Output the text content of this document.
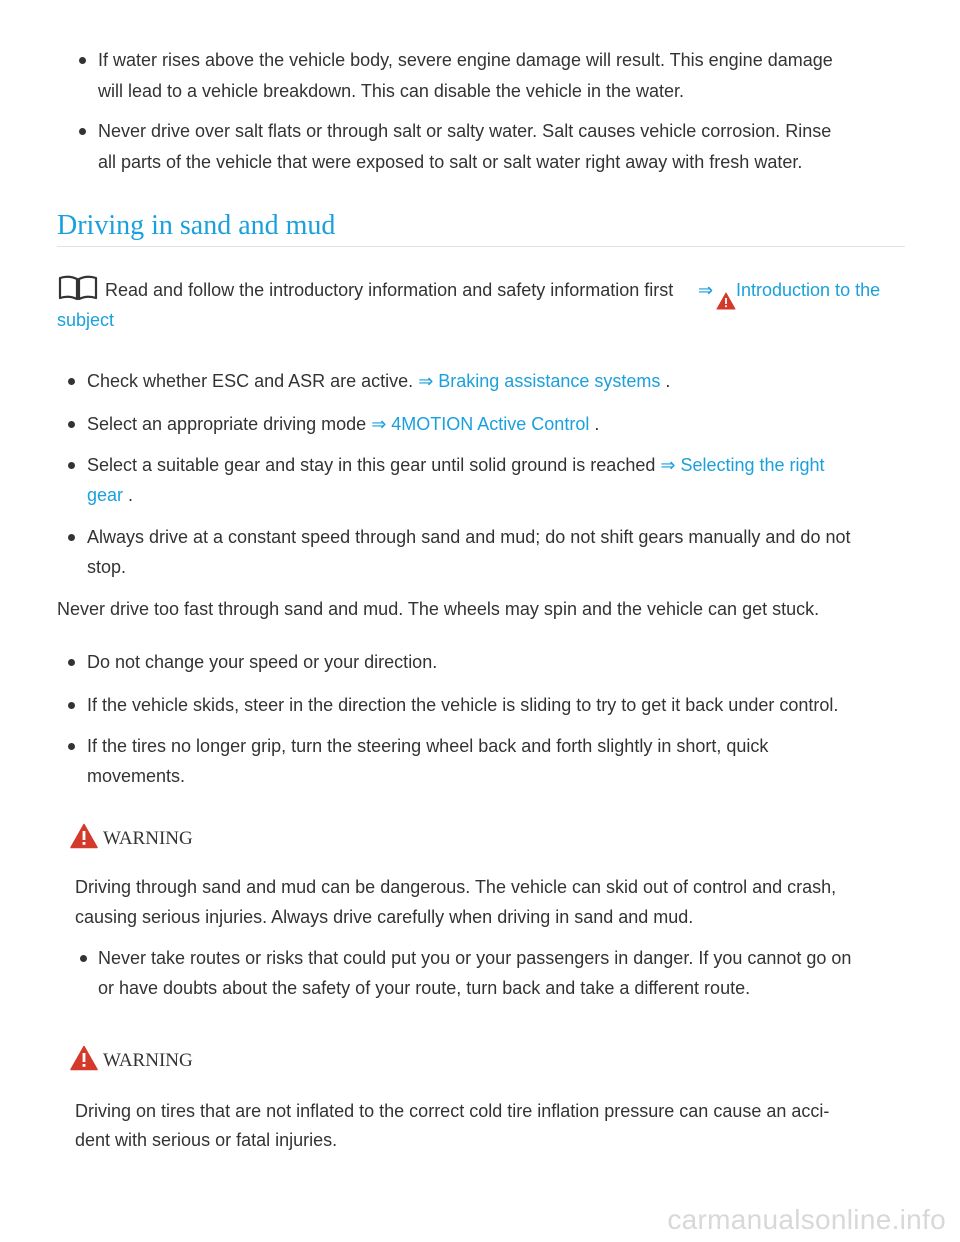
If water rises above the vehicle body, severe engine damage will result. This engine damage
will lead to a vehicle breakdown. This can disable the vehicle in the water.
Never drive over salt flats or through salt or salty water. Salt causes vehicle corrosion. Rinse
all parts of the vehicle that were exposed to salt or salt water right away with fresh water.
Driving in sand and mud
Read and follow the introductory information and safety information first ⇒ Introduction to the
subject
Check whether ESC and ASR are active. ⇒ Braking assistance systems .
Select an appropriate driving mode ⇒ 4MOTION Active Control .
Select a suitable gear and stay in this gear until solid ground is reached ⇒ Selecting the right
gear .
Always drive at a constant speed through sand and mud; do not shift gears manually and do not
stop.
Never drive too fast through sand and mud. The wheels may spin and the vehicle can get stuck.
Do not change your speed or your direction.
If the vehicle skids, steer in the direction the vehicle is sliding to try to get it back under control.
If the tires no longer grip, turn the steering wheel back and forth slightly in short, quick
movements.
WARNING
Driving through sand and mud can be dangerous. The vehicle can skid out of control and crash,
causing serious injuries. Always drive carefully when driving in sand and mud.
Never take routes or risks that could put you or your passengers in danger. If you cannot go on
or have doubts about the safety of your route, turn back and take a different route.
WARNING
Driving on tires that are not inflated to the correct cold tire inflation pressure can cause an acci-
dent with serious or fatal injuries.
carmanualsonline.info
